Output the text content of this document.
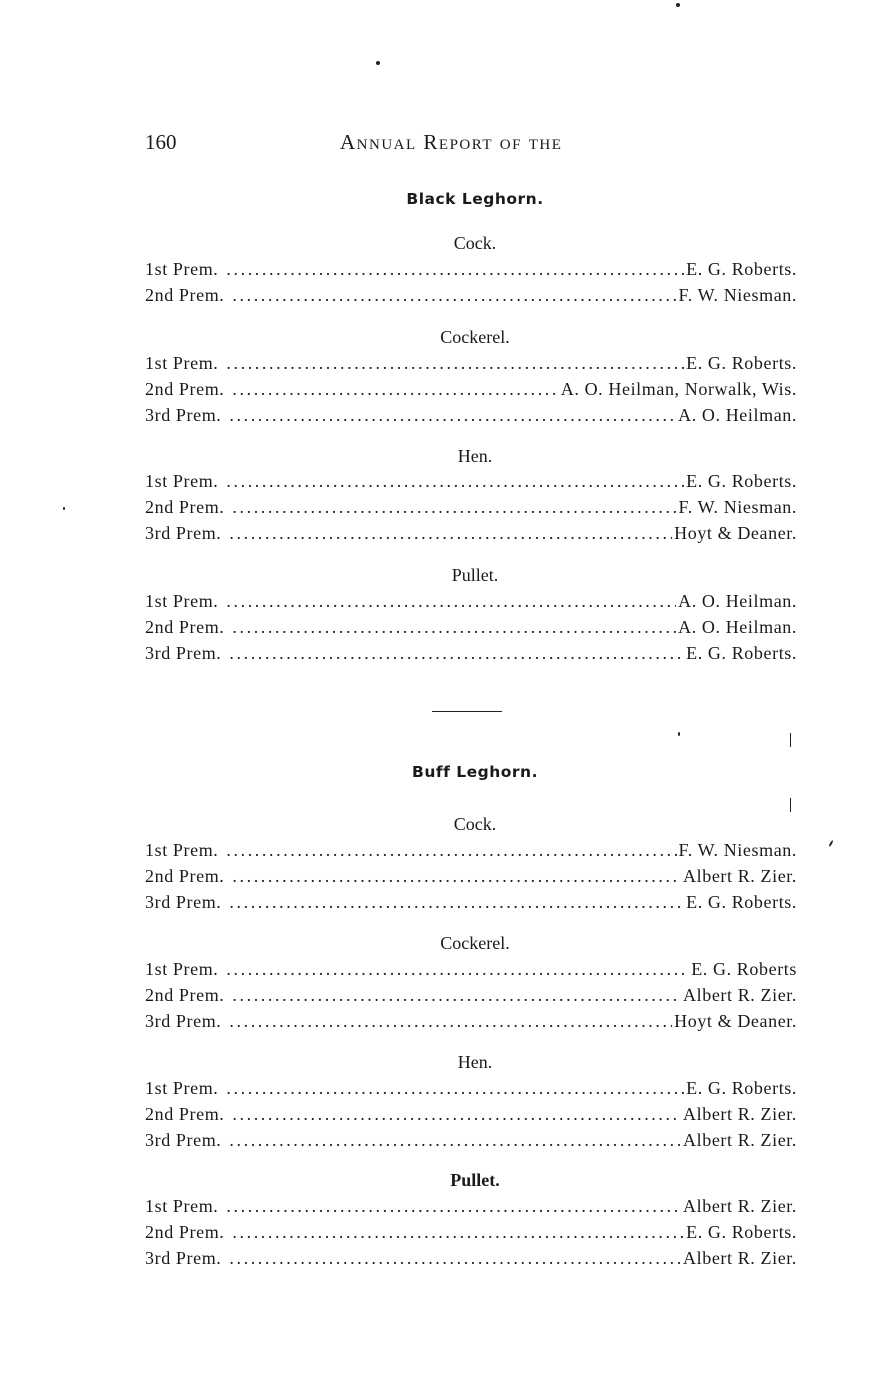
160	Annual Report of the
Black Leghorn.
Cock.
1st Prem. .....	E. G. Roberts.
2nd Prem. .....	F. W. Niesman.
Cockerel.
1st Prem. .....	E. G. Roberts.
2nd Prem. .....	A. O. Heilman, Norwalk, Wis.
3rd Prem. .....	A. O. Heilman.
Hen.
1st Prem. .....	E. G. Roberts.
2nd Prem. .....	F. W. Niesman.
3rd Prem. .....	Hoyt & Deaner.
Pullet.
1st Prem. .....	A. O. Heilman.
2nd Prem. .....	A. O. Heilman.
3rd Prem. .....	E. G. Roberts.
Buff Leghorn.
Cock.
1st Prem. .....	F. W. Niesman.
2nd Prem. .....	Albert R. Zier.
3rd Prem. .....	E. G. Roberts.
Cockerel.
1st Prem. .....	E. G. Roberts
2nd Prem. .....	Albert R. Zier.
3rd Prem. .....	Hoyt & Deaner.
Hen.
1st Prem. .....	E. G. Roberts.
2nd Prem. .....	Albert R. Zier.
3rd Prem. .....	Albert R. Zier.
Pullet.
1st Prem. .....	Albert R. Zier.
2nd Prem. .....	E. G. Roberts.
3rd Prem. .....	Albert R. Zier.
